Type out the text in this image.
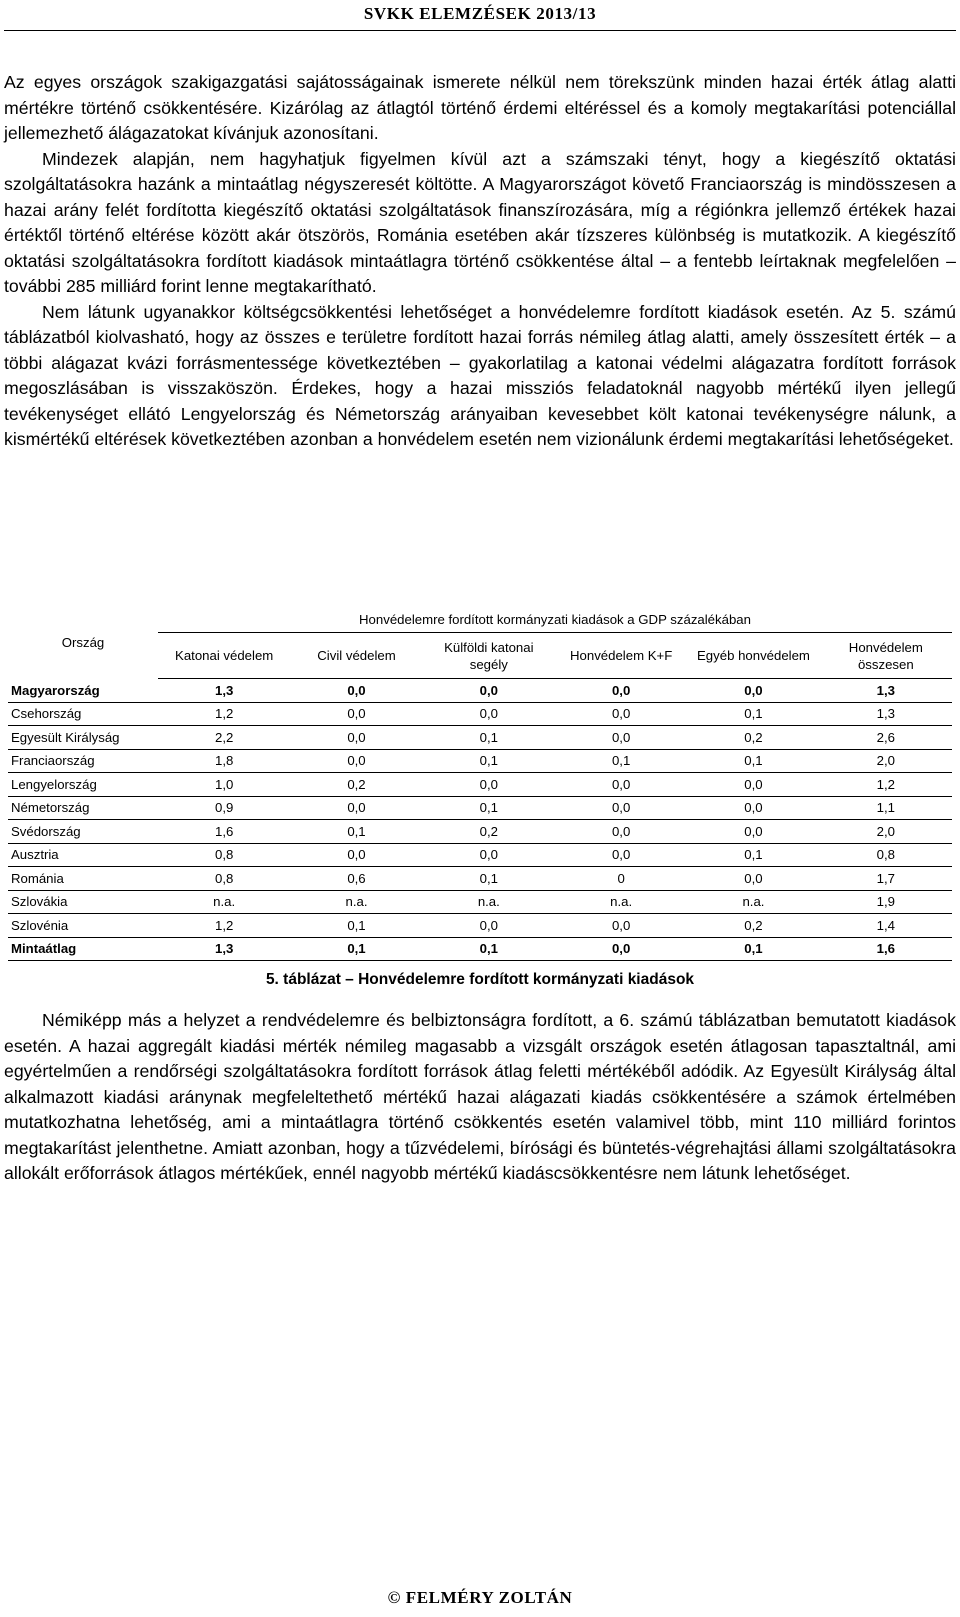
SVKK ELEMZÉSEK 2013/13

Az egyes országok szakigazgatási sajátosságainak ismerete nélkül nem törekszünk minden hazai érték átlag alatti mértékre történő csökkentésére. Kizárólag az átlagtól történő érdemi eltéréssel és a komoly megtakarítási potenciállal jellemezhető álágazatokat kívánjuk azonosítani.

Mindezek alapján, nem hagyhatjuk figyelmen kívül azt a számszaki tényt, hogy a kiegészítő oktatási szolgáltatásokra hazánk a mintaátlag négyszeresét költötte. A Magyarországot követő Franciaország is mindösszesen a hazai arány felét fordította kiegészítő oktatási szolgáltatások finanszírozására, míg a régiónkra jellemző értékek hazai értéktől történő eltérése között akár ötszörös, Románia esetében akár tízszeres különbség is mutatkozik. A kiegészítő oktatási szolgáltatásokra fordított kiadások mintaátlagra történő csökkentése által – a fentebb leírtaknak megfelelően – további 285 milliárd forint lenne megtakarítható.

Nem látunk ugyanakkor költségcsökkentési lehetőséget a honvédelemre fordított kiadások esetén. Az 5. számú táblázatból kiolvasható, hogy az összes e területre fordított hazai forrás némileg átlag alatti, amely összesített érték – a többi alágazat kvázi forrásmentessége következtében – gyakorlatilag a katonai védelmi alágazatra fordított források megoszlásában is visszaköszön. Érdekes, hogy a hazai missziós feladatoknál nagyobb mértékű ilyen jellegű tevékenységet ellátó Lengyelország és Németország arányaiban kevesebbet költ katonai tevékenységre nálunk, a kismértékű eltérések következtében azonban a honvédelem esetén nem vizionálunk érdemi megtakarítási lehetőségeket.

Ország	Honvédelemre fordított kormányzati kiadások a GDP százalékában					
	Katonai védelem	Civil védelem	Külföldi katonai segély	Honvédelem K+F	Egyéb honvédelem	Honvédelem összesen
Magyarország	1,3	0,0	0,0	0,0	0,0	1,3
Csehország	1,2	0,0	0,0	0,0	0,1	1,3
Egyesült Királyság	2,2	0,0	0,1	0,0	0,2	2,6
Franciaország	1,8	0,0	0,1	0,1	0,1	2,0
Lengyelország	1,0	0,2	0,0	0,0	0,0	1,2
Németország	0,9	0,0	0,1	0,0	0,0	1,1
Svédország	1,6	0,1	0,2	0,0	0,0	2,0
Ausztria	0,8	0,0	0,0	0,0	0,1	0,8
Románia	0,8	0,6	0,1	0	0,0	1,7
Szlovákia	n.a.	n.a.	n.a.	n.a.	n.a.	1,9
Szlovénia	1,2	0,1	0,0	0,0	0,2	1,4
Mintaátlag	1,3	0,1	0,1	0,0	0,1	1,6
5. táblázat – Honvédelemre fordított kormányzati kiadások

Némiképp más a helyzet a rendvédelemre és belbiztonságra fordított, a 6. számú táblázatban bemutatott kiadások esetén. A hazai aggregált kiadási mérték némileg magasabb a vizsgált országok esetén átlagosan tapasztaltnál, ami egyértelműen a rendőrségi szolgáltatásokra fordított források átlag feletti mértékéből adódik. Az Egyesült Királyság által alkalmazott kiadási aránynak megfeleltethető mértékű hazai alágazati kiadás csökkentésére a számok értelmében mutatkozhatna lehetőség, ami a mintaátlagra történő csökkentés esetén valamivel több, mint 110 milliárd forintos megtakarítást jelenthetne. Amiatt azonban, hogy a tűzvédelemi, bírósági és büntetés-végrehajtási állami szolgáltatásokra allokált erőforrások átlagos mértékűek, ennél nagyobb mértékű kiadáscsökkentésre nem látunk lehetőséget.

© FELMÉRY ZOLTÁN
